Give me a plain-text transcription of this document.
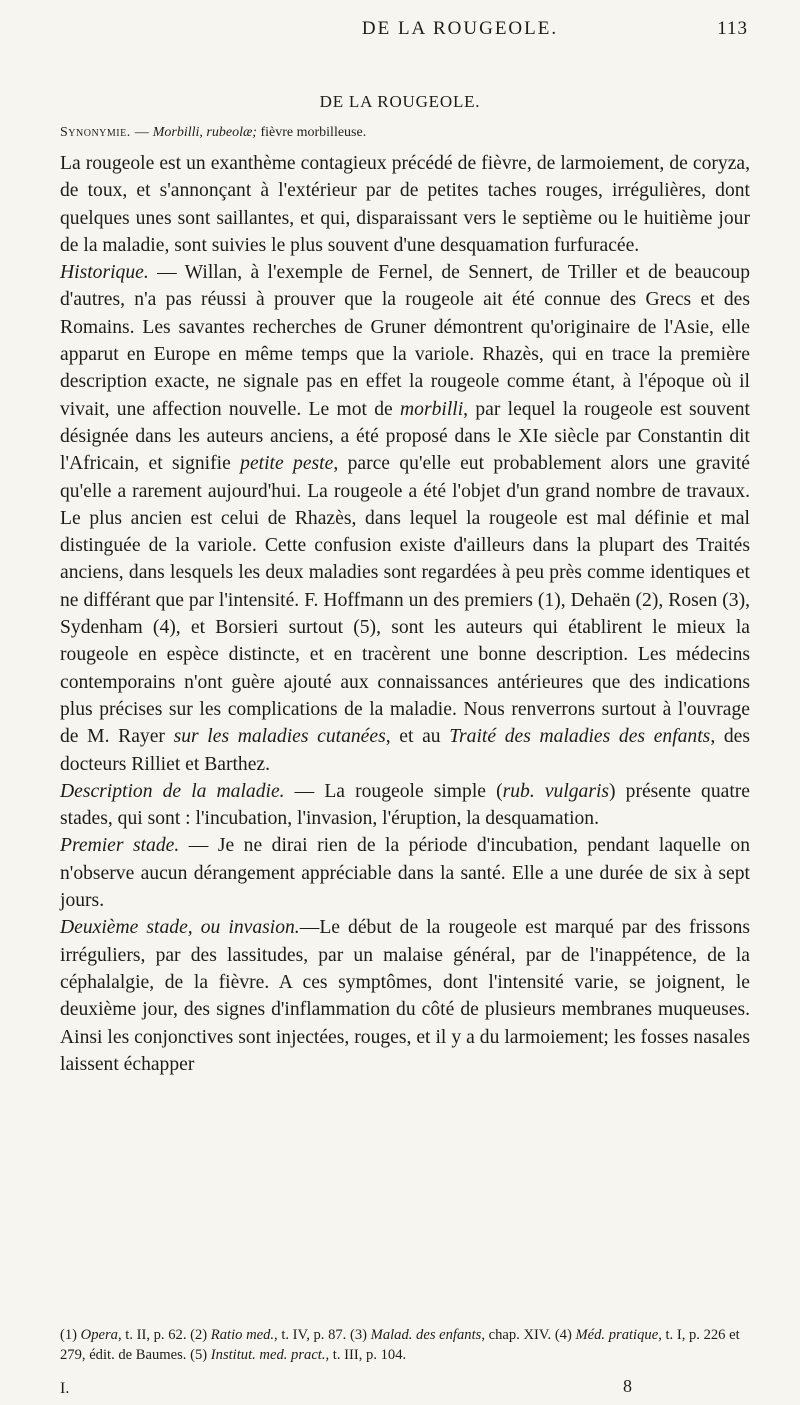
DE LA ROUGEOLE.	113
DE LA ROUGEOLE.
Synonymie. — Morbilli, rubeolæ; fièvre morbilleuse.

La rougeole est un exanthème contagieux précédé de fièvre, de larmoiement, de coryza, de toux, et s'annonçant à l'extérieur par de petites taches rouges, irrégulières, dont quelques unes sont saillantes, et qui, disparaissant vers le septième ou le huitième jour de la maladie, sont suivies le plus souvent d'une desquamation furfuracée.

Historique. — Willan, à l'exemple de Fernel, de Sennert, de Triller et de beaucoup d'autres, n'a pas réussi à prouver que la rougeole ait été connue des Grecs et des Romains. Les savantes recherches de Gruner démontrent qu'originaire de l'Asie, elle apparut en Europe en même temps que la variole. Rhazès, qui en trace la première description exacte, ne signale pas en effet la rougeole comme étant, à l'époque où il vivait, une affection nouvelle. Le mot de morbilli, par lequel la rougeole est souvent désignée dans les auteurs anciens, a été proposé dans le XIe siècle par Constantin dit l'Africain, et signifie petite peste, parce qu'elle eut probablement alors une gravité qu'elle a rarement aujourd'hui. La rougeole a été l'objet d'un grand nombre de travaux. Le plus ancien est celui de Rhazès, dans lequel la rougeole est mal définie et mal distinguée de la variole. Cette confusion existe d'ailleurs dans la plupart des Traités anciens, dans lesquels les deux maladies sont regardées à peu près comme identiques et ne différant que par l'intensité. F. Hoffmann un des premiers (1), Dehaën (2), Rosen (3), Sydenham (4), et Borsieri surtout (5), sont les auteurs qui établirent le mieux la rougeole en espèce distincte, et en tracèrent une bonne description. Les médecins contemporains n'ont guère ajouté aux connaissances antérieures que des indications plus précises sur les complications de la maladie. Nous renverrons surtout à l'ouvrage de M. Rayer sur les maladies cutanées, et au Traité des maladies des enfants, des docteurs Rilliet et Barthez.

Description de la maladie. — La rougeole simple (rub. vulgaris) présente quatre stades, qui sont : l'incubation, l'invasion, l'éruption, la desquamation.

Premier stade. — Je ne dirai rien de la période d'incubation, pendant laquelle on n'observe aucun dérangement appréciable dans la santé. Elle a une durée de six à sept jours.

Deuxième stade, ou invasion.—Le début de la rougeole est marqué par des frissons irréguliers, par des lassitudes, par un malaise général, par de l'inappétence, de la céphalalgie, de la fièvre. A ces symptômes, dont l'intensité varie, se joignent, le deuxième jour, des signes d'inflammation du côté de plusieurs membranes muqueuses. Ainsi les conjonctives sont injectées, rouges, et il y a du larmoiement; les fosses nasales laissent échapper

(1) Opera, t. II, p. 62. (2) Ratio med., t. IV, p. 87. (3) Malad. des enfants, chap. XIV. (4) Méd. pratique, t. I, p. 226 et 279, édit. de Baumes. (5) Institut. med. pract., t. III, p. 104.
I.	8
